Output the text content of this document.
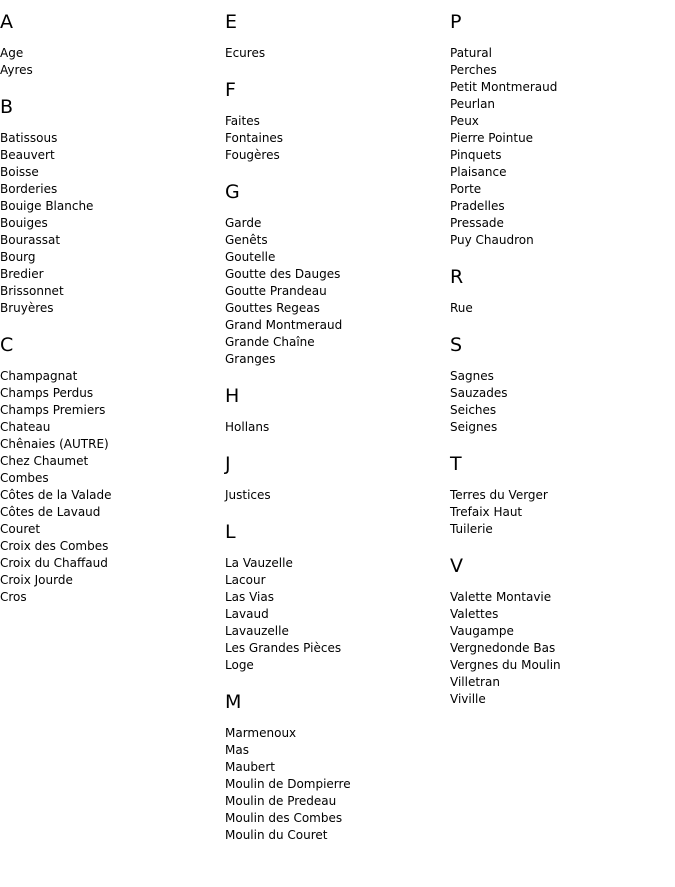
A
Age
Ayres
B
Batissous
Beauvert
Boisse
Borderies
Bouige Blanche
Bouiges
Bourassat
Bourg
Bredier
Brissonnet
Bruyères
C
Champagnat
Champs Perdus
Champs Premiers
Chateau
Chênaies (AUTRE)
Chez Chaumet
Combes
Côtes de la Valade
Côtes de Lavaud
Couret
Croix des Combes
Croix du Chaffaud
Croix Jourde
Cros
E
Ecures
F
Faites
Fontaines
Fougères
G
Garde
Genêts
Goutelle
Goutte des Dauges
Goutte Prandeau
Gouttes Regeas
Grand Montmeraud
Grande Chaîne
Granges
H
Hollans
J
Justices
L
La Vauzelle
Lacour
Las Vias
Lavaud
Lavauzelle
Les Grandes Pièces
Loge
M
Marmenoux
Mas
Maubert
Moulin de Dompierre
Moulin de Predeau
Moulin des Combes
Moulin du Couret
P
Patural
Perches
Petit Montmeraud
Peurlan
Peux
Pierre Pointue
Pinquets
Plaisance
Porte
Pradelles
Pressade
Puy Chaudron
R
Rue
S
Sagnes
Sauzades
Seiches
Seignes
T
Terres du Verger
Trefaix Haut
Tuilerie
V
Valette Montavie
Valettes
Vaugampe
Vergnedonde Bas
Vergnes du Moulin
Villetran
Viville
